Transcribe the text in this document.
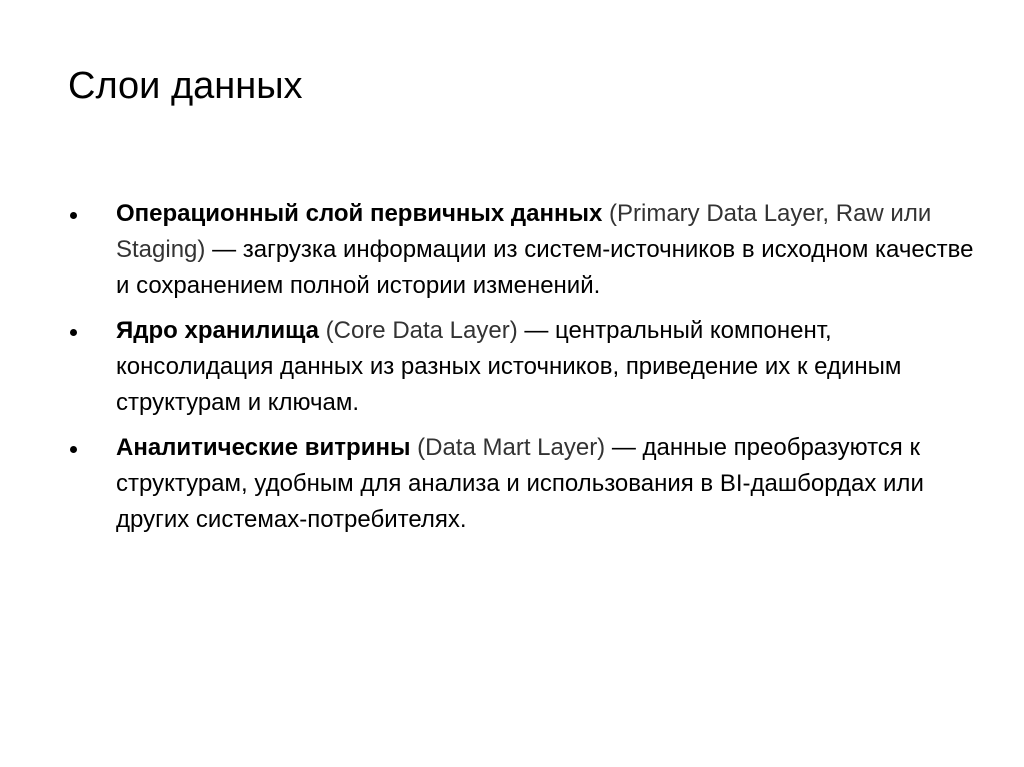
Слои данных
Операционный слой первичных данных (Primary Data Layer, Raw или Staging) — загрузка информации из систем-источников в исходном качестве и сохранением полной истории изменений.
Ядро хранилища (Core Data Layer) — центральный компонент, консолидация данных из разных источников, приведение их к единым структурам и ключам.
Аналитические витрины (Data Mart Layer) — данные преобразуются к структурам, удобным для анализа и использования в BI-дашбордах или других системах-потребителях.
